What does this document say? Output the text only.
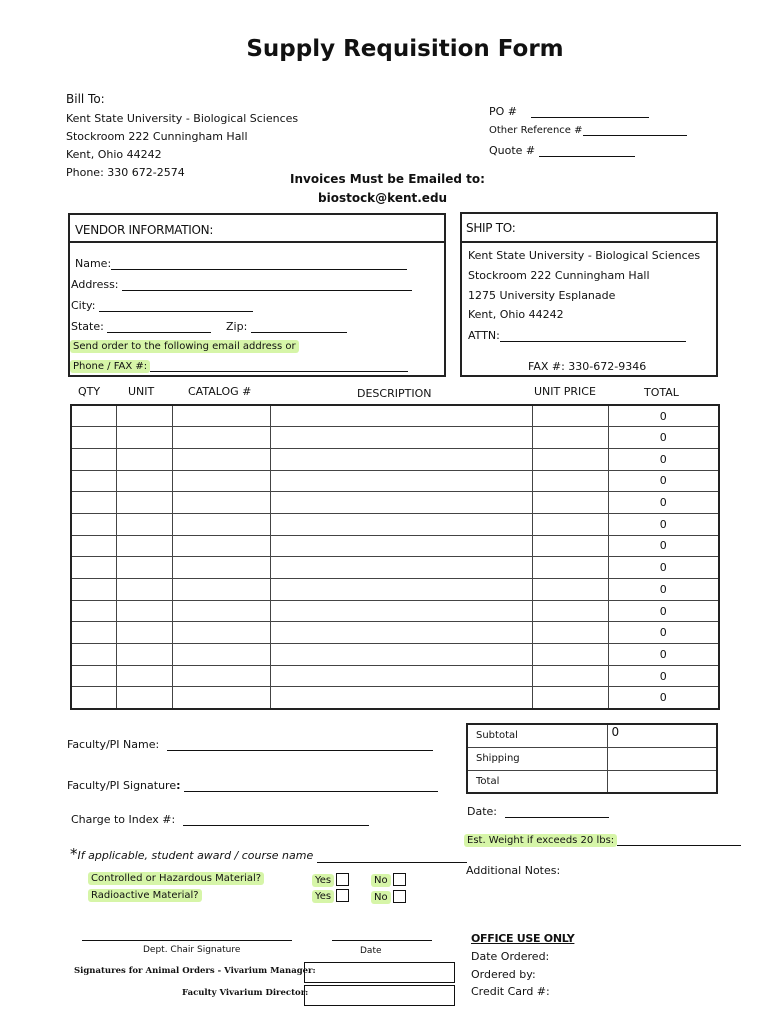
Supply Requisition Form
Bill To:
Kent State University - Biological Sciences
Stockroom 222 Cunningham Hall
Kent, Ohio 44242
Phone: 330 672-2574
PO #
Other Reference #
Quote #
Invoices Must be Emailed to:
biostock@kent.edu
VENDOR INFORMATION:
Name:
Address:
City:
State:	Zip:
Send order to the following email address or
Phone / FAX #:
SHIP TO:
Kent State University - Biological Sciences
Stockroom 222 Cunningham Hall
1275 University Esplanade
Kent, Ohio 44242
ATTN:
FAX #: 330-672-9346
QTY	UNIT	CATALOG #	DESCRIPTION	UNIT PRICE	TOTAL
					0
					0
					0
					0
					0
					0
					0
					0
					0
					0
					0
					0
					0
					0
Subtotal	0
Shipping	
Total	
Faculty/PI Name:
Faculty/PI Signature:
Charge to Index #:
Date:
*If applicable, student award / course name
Est. Weight if exceeds 20 lbs:
Controlled or Hazardous Material?
Radioactive Material?
Yes
Yes
No
No
Additional Notes:
Dept. Chair Signature	Date
Signatures for Animal Orders - Vivarium Manager:
Faculty Vivarium Director:
OFFICE USE ONLY
Date Ordered:
Ordered by:
Credit Card #:
